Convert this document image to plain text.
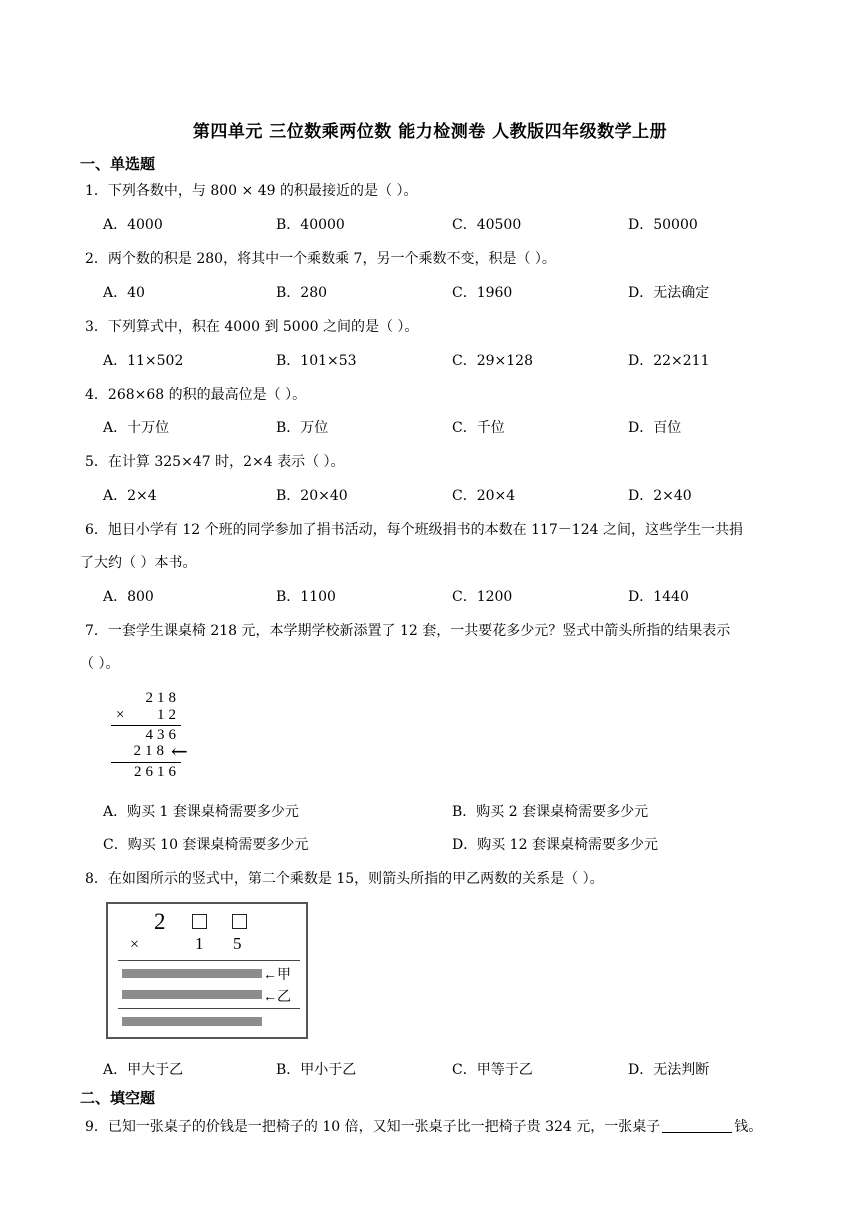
第四单元 三位数乘两位数 能力检测卷 人教版四年级数学上册
一、单选题
1．下列各数中，与 800 × 49 的积最接近的是（ ）。
A．4000	B．40000	C．40500	D．50000
2．两个数的积是 280，将其中一个乘数乘 7，另一个乘数不变，积是（ ）。
A．40	B．280	C．1960	D．无法确定
3．下列算式中，积在 4000 到 5000 之间的是（ ）。
A．11×502	B．101×53	C．29×128	D．22×211
4．268×68 的积的最高位是（ ）。
A．十万位	B．万位	C．千位	D．百位
5．在计算 325×47 时，2×4 表示（ ）。
A．2×4	B．20×40	C．20×4	D．2×40
6．旭日小学有 12 个班的同学参加了捐书活动，每个班级捐书的本数在 117－124 之间，这些学生一共捐
了大约（ ）本书。
A．800	B．1100	C．1200	D．1440
7．一套学生课桌椅 218 元，本学期学校新添置了 12 套，一共要花多少元？竖式中箭头所指的结果表示
（ ）。
218
×	12
436
218 ←
2616
A．购买 1 套课桌椅需要多少元	B．购买 2 套课桌椅需要多少元
C．购买 10 套课桌椅需要多少元	D．购买 12 套课桌椅需要多少元
8．在如图所示的竖式中，第二个乘数是 15，则箭头所指的甲乙两数的关系是（ ）。
2
×	1 5
←甲
←乙
A．甲大于乙	B．甲小于乙	C．甲等于乙	D．无法判断
二、填空题
9．已知一张桌子的价钱是一把椅子的 10 倍，又知一张桌子比一把椅子贵 324 元，一张桌子	钱。
